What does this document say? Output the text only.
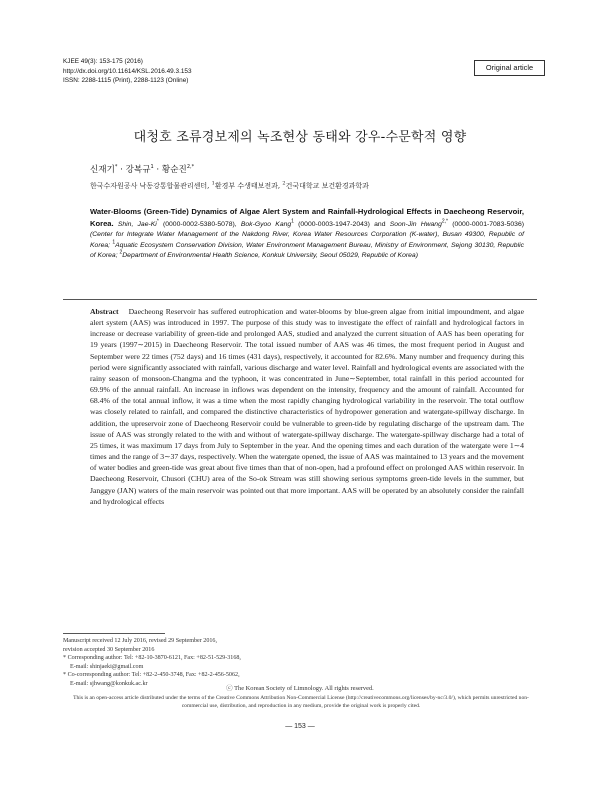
KJEE 49(3): 153-175 (2016)
http://dx.doi.org/10.11614/KSL.2016.49.3.153
ISSN: 2288-1115 (Print), 2288-1123 (Online)
Original article
대청호 조류경보제의 녹조현상 동태와 강우-수문학적 영향
신재기* · 강복규$^1$ · 황순진$^{2,*}$
한국수자원공사 낙동강통합물관리센터, $^1$환경부 수생태보전과, $^2$건국대학교 보건환경과학과
Water-Blooms (Green-Tide) Dynamics of Algae Alert System and Rainfall-Hydrological Effects in Daecheong Reservoir, Korea. Shin, Jae-Ki* (0000-0002-5380-5078), Bok-Gyoo Kang$^1$ (0000-0003-1947-2043) and Soon-Jin Hwang$^{2,*}$ (0000-0001-7083-5036) (Center for Integrate Water Management of the Nakdong River, Korea Water Resources Corporation (K-water), Busan 49300, Republic of Korea; $^1$Aquatic Ecosystem Conservation Division, Water Environment Management Bureau, Ministry of Environment, Sejong 30130, Republic of Korea; $^2$Department of Environmental Health Science, Konkuk University, Seoul 05029, Republic of Korea)
Abstract Daecheong Reservoir has suffered eutrophication and water-blooms by blue-green algae from initial impoundment, and algae alert system (AAS) was introduced in 1997. The purpose of this study was to investigate the effect of rainfall and hydrological factors in increase or decrease variability of green-tide and prolonged AAS, studied and analyzed the current situation of AAS has been operating for 19 years (1997∼2015) in Daecheong Reservoir. The total issued number of AAS was 46 times, the most frequent period in August and September were 22 times (752 days) and 16 times (431 days), respectively, it accounted for 82.6%. Many number and frequency during this period were significantly associated with rainfall, various discharge and water level. Rainfall and hydrological events are associated with the rainy season of monsoon-Changma and the typhoon, it was concentrated in June∼September, total rainfall in this period accounted for 69.9% of the annual rainfall. An increase in inflows was dependent on the intensity, frequency and the amount of rainfall. Accounted for 68.4% of the total annual inflow, it was a time when the most rapidly changing hydrological variability in the reservoir. The total outflow was closely related to rainfall, and compared the distinctive characteristics of hydropower generation and watergate-spillway discharge. In addition, the upreservoir zone of Daecheong Reservoir could be vulnerable to green-tide by regulating discharge of the upstream dam. The issue of AAS was strongly related to the with and without of watergate-spillway discharge. The watergate-spillway discharge had a total of 25 times, it was maximum 17 days from July to September in the year. And the opening times and each duration of the watergate were 1∼4 times and the range of 3∼37 days, respectively. When the watergate opened, the issue of AAS was maintained to 13 years and the movement of water bodies and green-tide was great about five times than that of non-open, had a profound effect on prolonged AAS within reservoir. In Daecheong Reservoir, Chusori (CHU) area of the So-ok Stream was still showing serious symptoms green-tide levels in the summer, but Janggye (JAN) waters of the main reservoir was pointed out that more important. AAS will be operated by an absolutely consider the rainfall and hydrological effects
Manuscript received 12 July 2016, revised 29 September 2016,
revision accepted 30 September 2016
* Corresponding author: Tel: +82-10-3870-6121, Fax: +82-51-529-3168,
E-mail: shinjaeki@gmail.com
* Co-corresponding author: Tel: +82-2-450-3748, Fax: +82-2-456-5062,
E-mail: sjhwang@konkuk.ac.kr
ⓒ The Korean Society of Limnology. All rights reserved.
This is an open-access article distributed under the terms of the Creative Commons Attribution Non-Commercial License (http://creativecommons.org/licenses/by-nc/3.0/), which permits unrestricted non-commercial use, distribution, and reproduction in any medium, provide the original work is properly cited.
— 153 —
